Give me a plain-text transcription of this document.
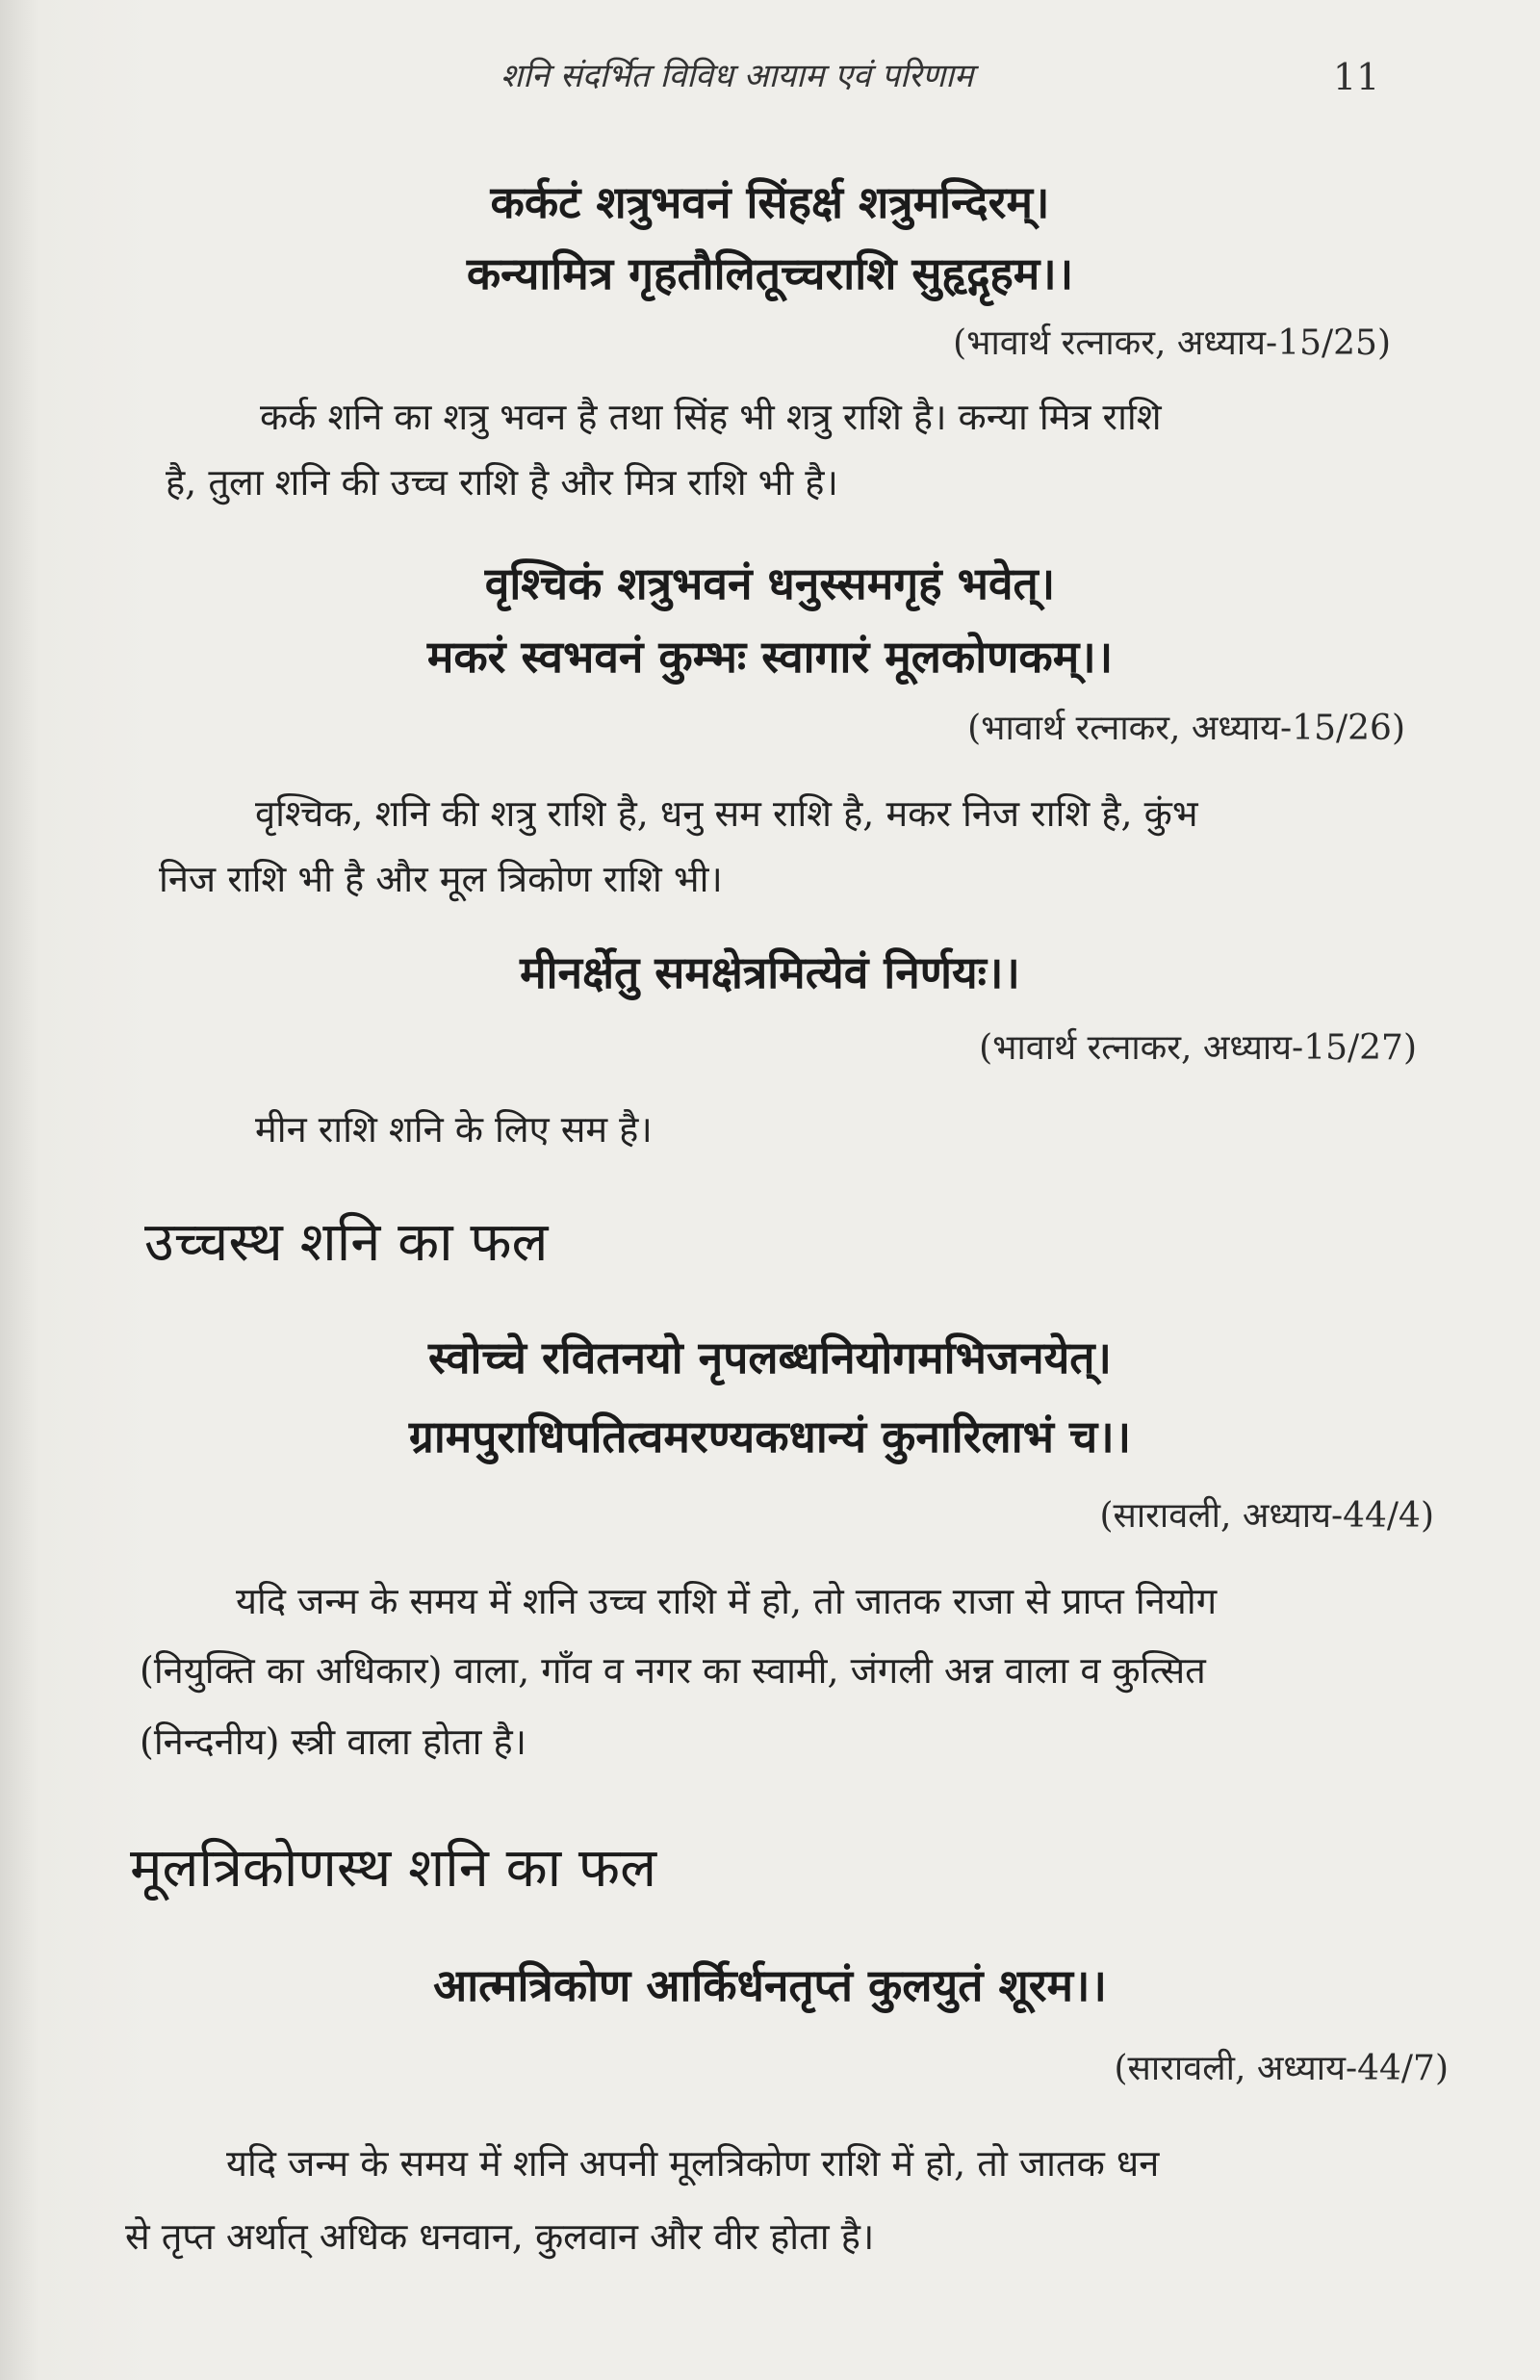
शनि संदर्भित विविध आयाम एवं परिणाम	11
कर्कटं शत्रुभवनं सिंहर्क्ष शत्रुमन्दिरम्।
कन्यामित्र गृहतौलितूच्चराशि सुहृद्गृहम।।
(भावार्थ रत्नाकर, अध्याय-15/25)
कर्क शनि का शत्रु भवन है तथा सिंह भी शत्रु राशि है। कन्या मित्र राशि
है, तुला शनि की उच्च राशि है और मित्र राशि भी है।
वृश्चिकं शत्रुभवनं धनुस्समगृहं भवेत्।
मकरं स्वभवनं कुम्भः स्वागारं मूलकोणकम्।।
(भावार्थ रत्नाकर, अध्याय-15/26)
वृश्चिक, शनि की शत्रु राशि है, धनु सम राशि है, मकर निज राशि है, कुंभ
निज राशि भी है और मूल त्रिकोण राशि भी।
मीनर्क्षेतु समक्षेत्रमित्येवं निर्णयः।।
(भावार्थ रत्नाकर, अध्याय-15/27)
मीन राशि शनि के लिए सम है।
उच्चस्थ शनि का फल
स्वोच्चे रवितनयो नृपलब्धनियोगमभिजनयेत्।
ग्रामपुराधिपतित्वमरण्यकधान्यं कुनारिलाभं च।।
(सारावली, अध्याय-44/4)
यदि जन्म के समय में शनि उच्च राशि में हो, तो जातक राजा से प्राप्त नियोग
(नियुक्ति का अधिकार) वाला, गाँव व नगर का स्वामी, जंगली अन्न वाला व कुत्सित
(निन्दनीय) स्त्री वाला होता है।
मूलत्रिकोणस्थ शनि का फल
आत्मत्रिकोण आर्किर्धनतृप्तं कुलयुतं शूरम।।
(सारावली, अध्याय-44/7)
यदि जन्म के समय में शनि अपनी मूलत्रिकोण राशि में हो, तो जातक धन
से तृप्त अर्थात् अधिक धनवान, कुलवान और वीर होता है।
